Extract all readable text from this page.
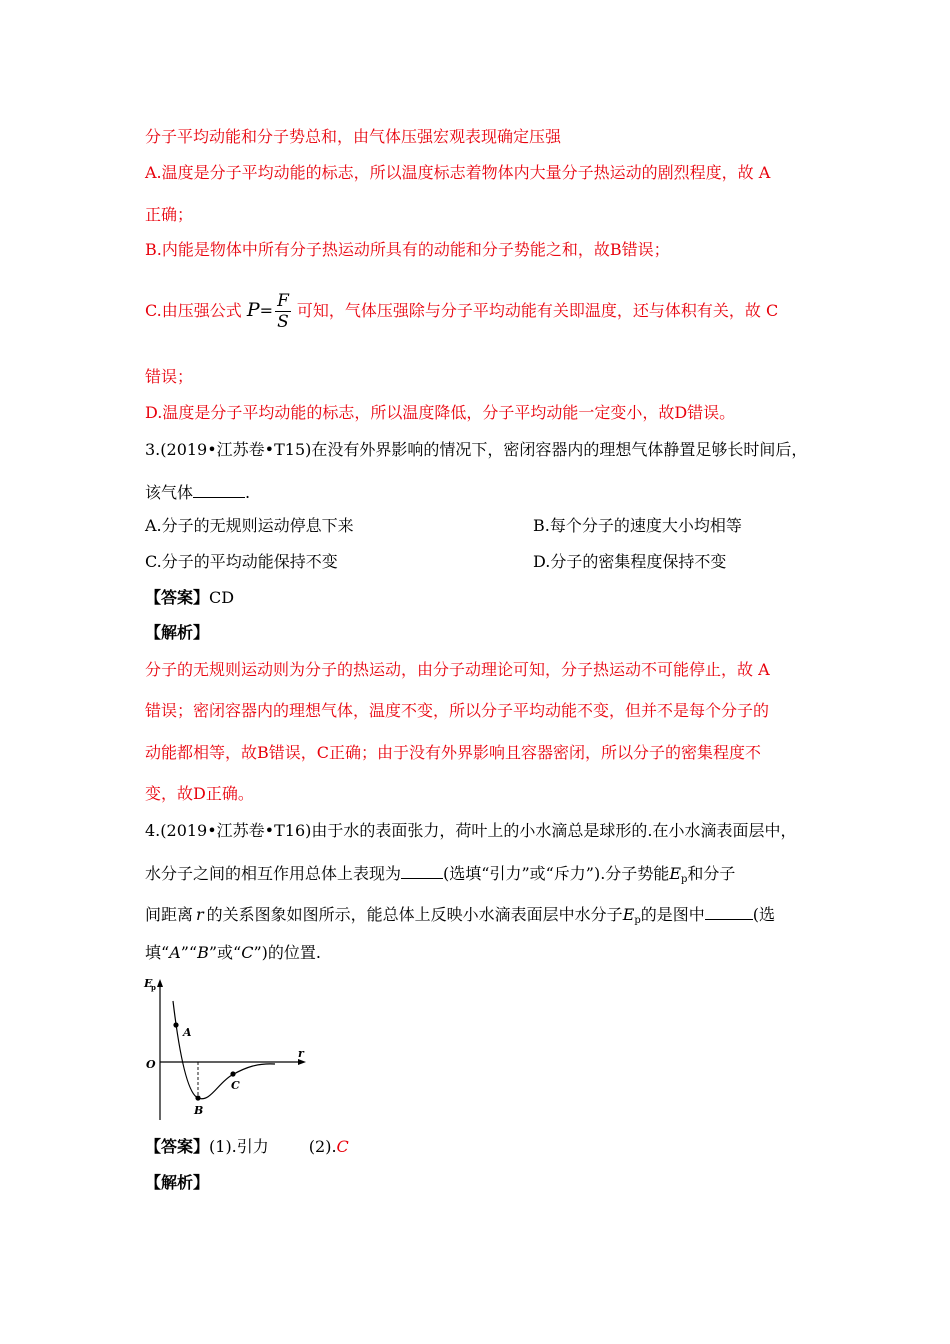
分子平均动能和分子势总和，由气体压强宏观表现确定压强
A.温度是分子平均动能的标志，所以温度标志着物体内大量分子热运动的剧烈程度，故 A
正确；
B.内能是物体中所有分子热运动所具有的动能和分子势能之和，故B错误；
C.由压强公式 $P= \frac{F}{S}$ 可知，气体压强除与分子平均动能有关即温度，还与体积有关，故 C
错误；
D.温度是分子平均动能的标志，所以温度降低，分子平均动能一定变小，故D错误。
3.(2019•江苏卷•T15)在没有外界影响的情况下，密闭容器内的理想气体静置足够长时间后，
该气体	.
A.分子的无规则运动停息下来	B.每个分子的速度大小均相等
C.分子的平均动能保持不变	D.分子的密集程度保持不变
【答案】CD
【解析】
分子的无规则运动则为分子的热运动，由分子动理论可知，分子热运动不可能停止，故 A
错误；密闭容器内的理想气体，温度不变，所以分子平均动能不变，但并不是每个分子的
动能都相等，故B错误，C正确；由于没有外界影响且容器密闭，所以分子的密集程度不
变，故D正确。
4.(2019•江苏卷•T16)由于水的表面张力，荷叶上的小水滴总是球形的.在小水滴表面层中，
水分子之间的相互作用总体上表现为	(选填“引力”或“斥力”).分子势能$E_p$和分子
间距离 r 的关系图象如图所示，能总体上反映小水滴表面层中水分子$E_p$的是图中	(选
填“A”“B”或“C”)的位置.
E
p
r
O
A
B
C
【答案】(1).引力	(2).C
【解析】
